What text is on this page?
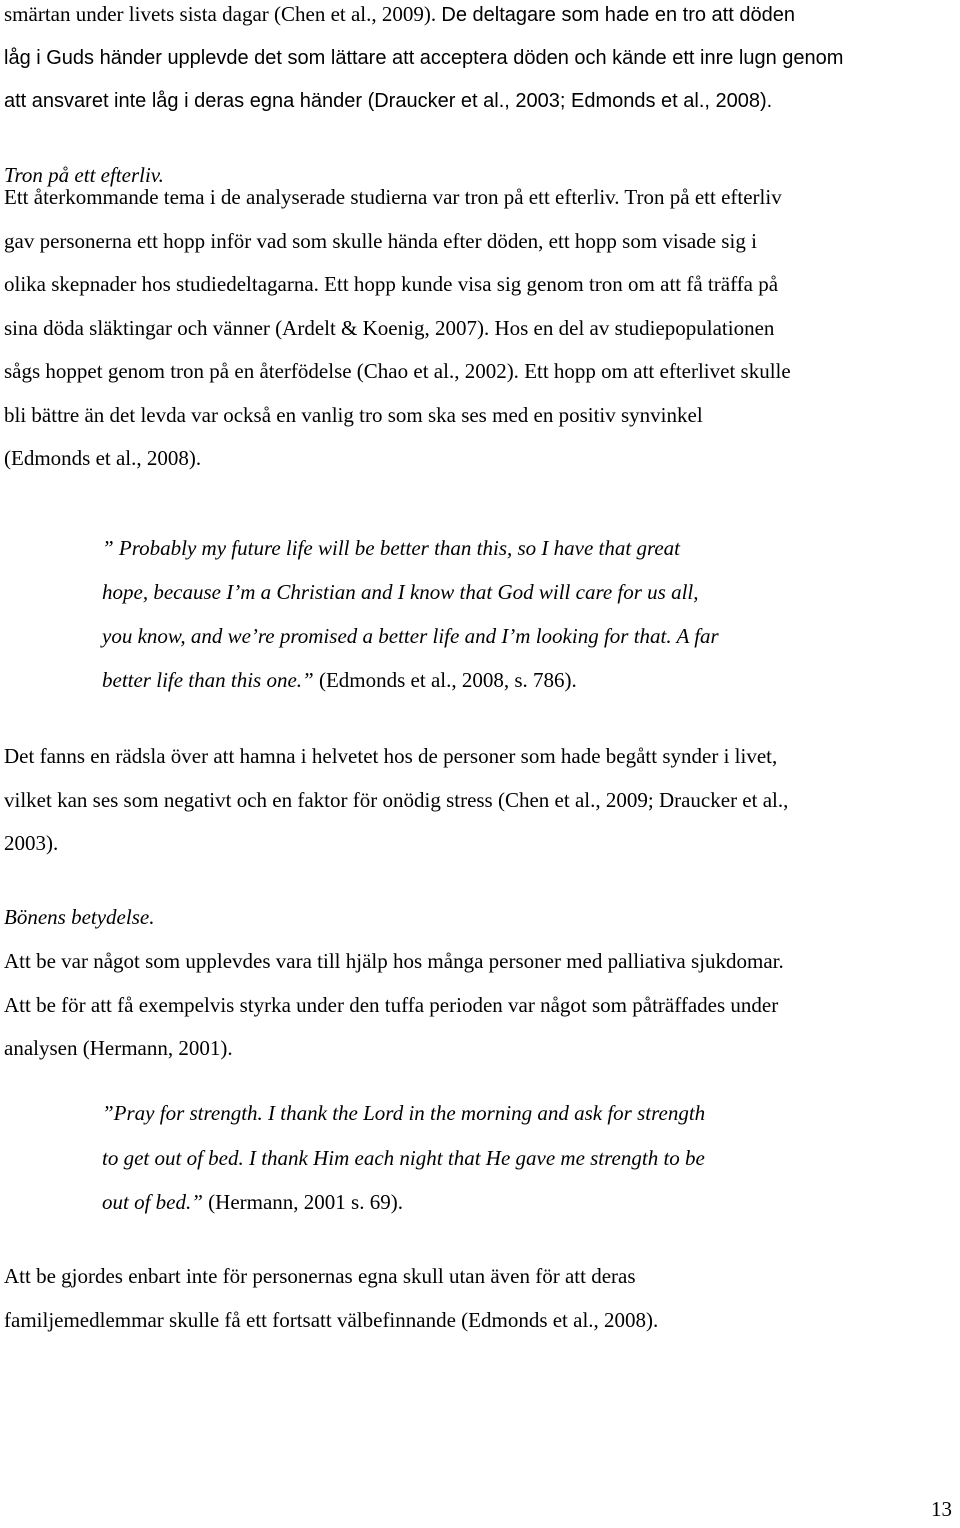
smärtan under livets sista dagar (Chen et al., 2009). De deltagare som hade en tro att döden
låg i Guds händer upplevde det som lättare att acceptera döden och kände ett inre lugn genom
att ansvaret inte låg i deras egna händer (Draucker et al., 2003; Edmonds et al., 2008).
Tron på ett efterliv.
Ett återkommande tema i de analyserade studierna var tron på ett efterliv. Tron på ett efterliv
gav personerna ett hopp inför vad som skulle hända efter döden, ett hopp som visade sig i
olika skepnader hos studiedeltagarna. Ett hopp kunde visa sig genom tron om att få träffa på
sina döda släktingar och vänner (Ardelt & Koenig, 2007). Hos en del av studiepopulationen
sågs hoppet genom tron på en återfödelse (Chao et al., 2002). Ett hopp om att efterlivet skulle
bli bättre än det levda var också en vanlig tro som ska ses med en positiv synvinkel
(Edmonds et al., 2008).
” Probably my future life will be better than this, so I have that great
hope, because I’m a Christian and I know that God will care for us all,
you know, and we’re promised a better life and I’m looking for that. A far
better life than this one.” (Edmonds et al., 2008, s. 786).
Det fanns en rädsla över att hamna i helvetet hos de personer som hade begått synder i livet,
vilket kan ses som negativt och en faktor för onödig stress (Chen et al., 2009; Draucker et al.,
2003).
Bönens betydelse.
Att be var något som upplevdes vara till hjälp hos många personer med palliativa sjukdomar.
Att be för att få exempelvis styrka under den tuffa perioden var något som påträffades under
analysen (Hermann, 2001).
”Pray for strength. I thank the Lord in the morning and ask for strength
to get out of bed. I thank Him each night that He gave me strength to be
out of bed.” (Hermann, 2001 s. 69).
Att be gjordes enbart inte för personernas egna skull utan även för att deras
familjemedlemmar skulle få ett fortsatt välbefinnande (Edmonds et al., 2008).
13
